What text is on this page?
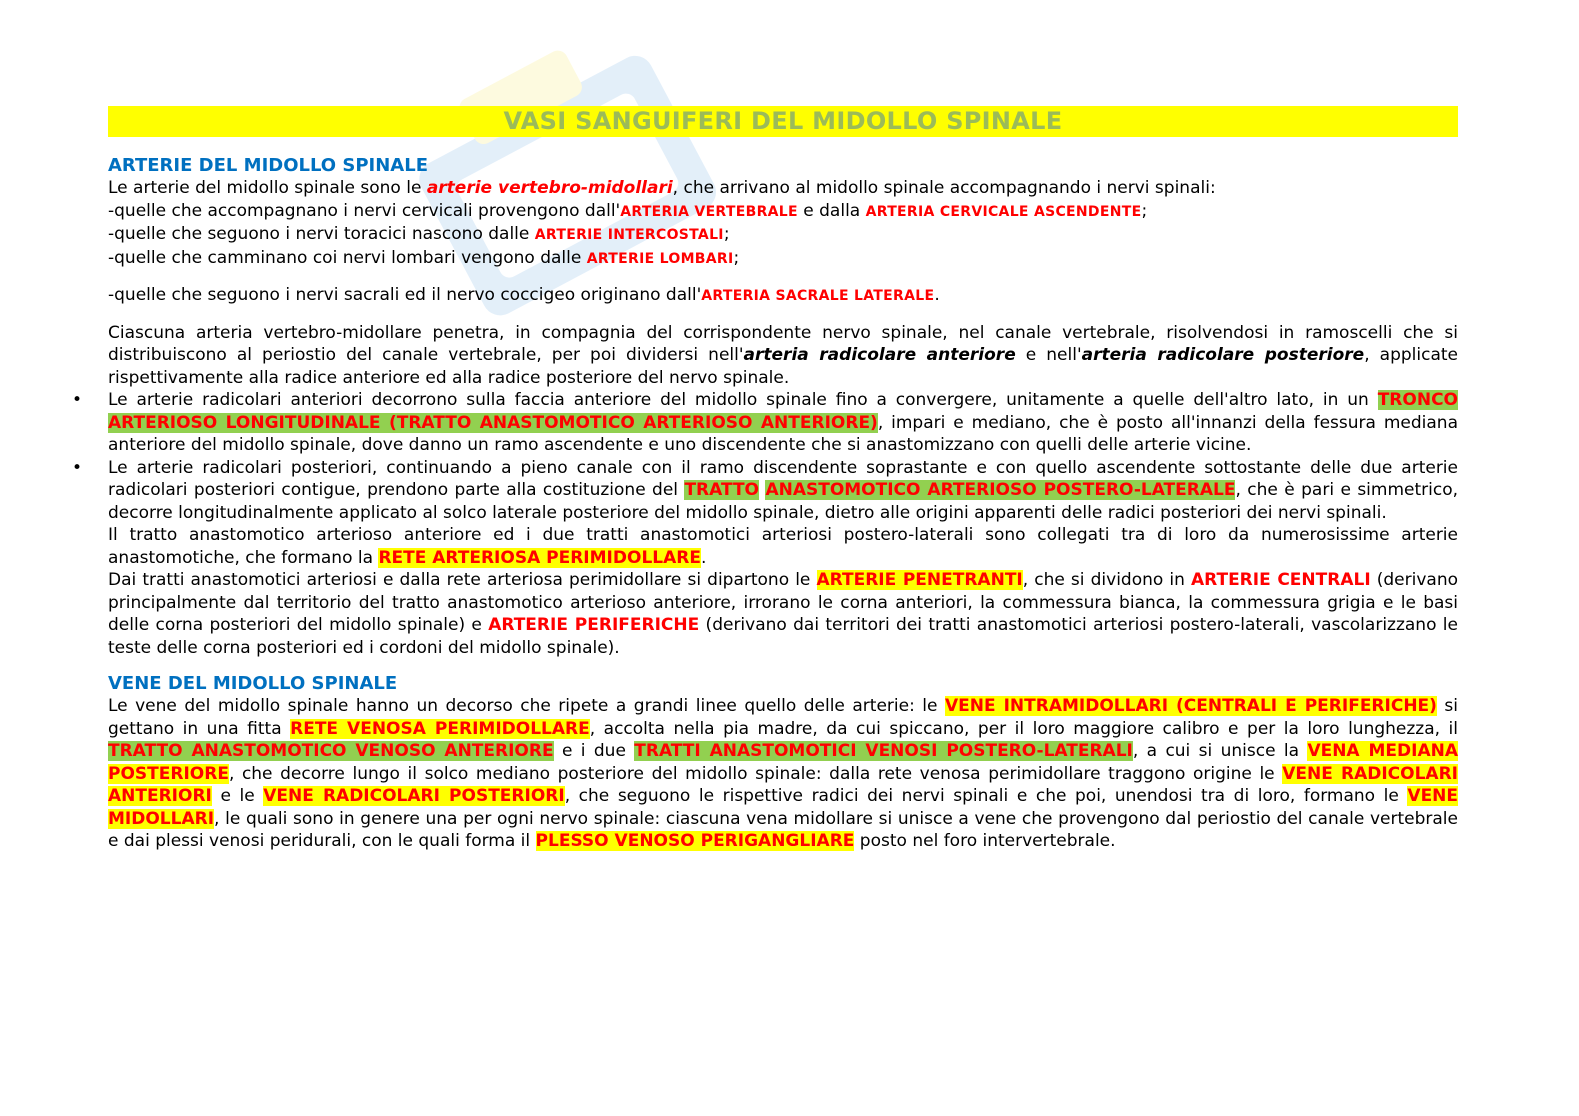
VASI SANGUIFERI DEL MIDOLLO SPINALE
ARTERIE DEL MIDOLLO SPINALE

Le arterie del midollo spinale sono le arterie vertebro-midollari, che arrivano al midollo spinale accompagnando i nervi spinali:

-quelle che accompagnano i nervi cervicali provengono dall'ARTERIA VERTEBRALE e dalla ARTERIA CERVICALE ASCENDENTE;

-quelle che seguono i nervi toracici nascono dalle ARTERIE INTERCOSTALI;

-quelle che camminano coi nervi lombari vengono dalle ARTERIE LOMBARI;

-quelle che seguono i nervi sacrali ed il nervo coccigeo originano dall'ARTERIA SACRALE LATERALE.

Ciascuna arteria vertebro-midollare penetra, in compagnia del corrispondente nervo spinale, nel canale vertebrale, risolvendosi in ramoscelli che si distribuiscono al periostio del canale vertebrale, per poi dividersi nell'arteria radicolare anteriore e nell'arteria radicolare posteriore, applicate rispettivamente alla radice anteriore ed alla radice posteriore del nervo spinale.

• Le arterie radicolari anteriori decorrono sulla faccia anteriore del midollo spinale fino a convergere, unitamente a quelle dell'altro lato, in un TRONCO ARTERIOSO LONGITUDINALE (TRATTO ANASTOMOTICO ARTERIOSO ANTERIORE), impari e mediano, che è posto all'innanzi della fessura mediana anteriore del midollo spinale, dove danno un ramo ascendente e uno discendente che si anastomizzano con quelli delle arterie vicine.

• Le arterie radicolari posteriori, continuando a pieno canale con il ramo discendente soprastante e con quello ascendente sottostante delle due arterie radicolari posteriori contigue, prendono parte alla costituzione del TRATTO ANASTOMOTICO ARTERIOSO POSTERO-LATERALE, che è pari e simmetrico, decorre longitudinalmente applicato al solco laterale posteriore del midollo spinale, dietro alle origini apparenti delle radici posteriori dei nervi spinali.

Il tratto anastomotico arterioso anteriore ed i due tratti anastomotici arteriosi postero-laterali sono collegati tra di loro da numerosissime arterie anastomotiche, che formano la RETE ARTERIOSA PERIMIDOLLARE.

Dai tratti anastomotici arteriosi e dalla rete arteriosa perimidollare si dipartono le ARTERIE PENETRANTI, che si dividono in ARTERIE CENTRALI (derivano principalmente dal territorio del tratto anastomotico arterioso anteriore, irrorano le corna anteriori, la commessura bianca, la commessura grigia e le basi delle corna posteriori del midollo spinale) e ARTERIE PERIFERICHE (derivano dai territori dei tratti anastomotici arteriosi postero-laterali, vascolarizzano le teste delle corna posteriori ed i cordoni del midollo spinale).

VENE DEL MIDOLLO SPINALE

Le vene del midollo spinale hanno un decorso che ripete a grandi linee quello delle arterie: le VENE INTRAMIDOLLARI (CENTRALI E PERIFERICHE) si gettano in una fitta RETE VENOSA PERIMIDOLLARE, accolta nella pia madre, da cui spiccano, per il loro maggiore calibro e per la loro lunghezza, il TRATTO ANASTOMOTICO VENOSO ANTERIORE e i due TRATTI ANASTOMOTICI VENOSI POSTERO-LATERALI, a cui si unisce la VENA MEDIANA POSTERIORE, che decorre lungo il solco mediano posteriore del midollo spinale: dalla rete venosa perimidollare traggono origine le VENE RADICOLARI ANTERIORI e le VENE RADICOLARI POSTERIORI, che seguono le rispettive radici dei nervi spinali e che poi, unendosi tra di loro, formano le VENE MIDOLLARI, le quali sono in genere una per ogni nervo spinale: ciascuna vena midollare si unisce a vene che provengono dal periostio del canale vertebrale e dai plessi venosi peridurali, con le quali forma il PLESSO VENOSO PERIGANGLIARE posto nel foro intervertebrale.
